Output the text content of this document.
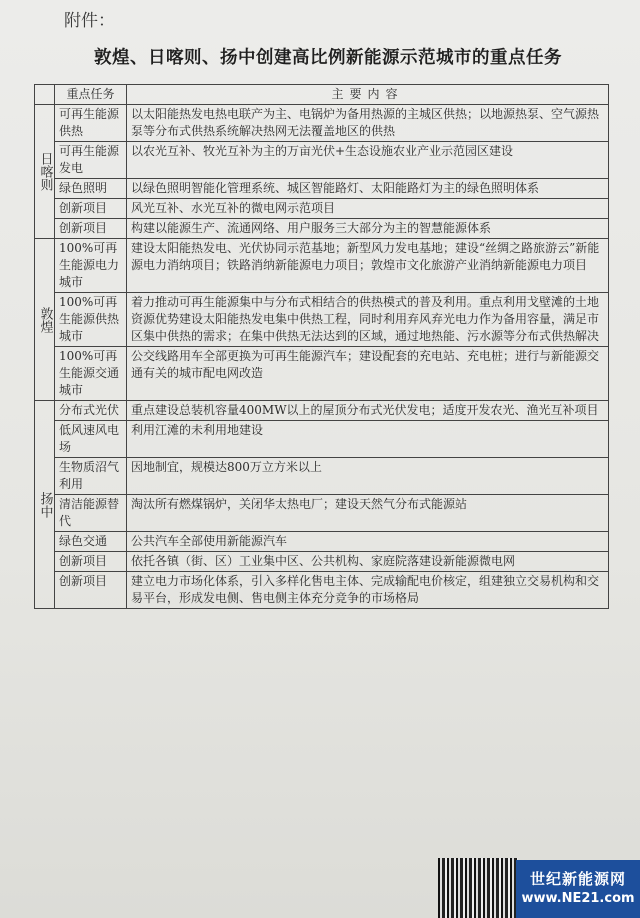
附件：
敦煌、日喀则、扬中创建高比例新能源示范城市的重点任务
	重点任务	主要内容
日喀则	可再生能源供热	以太阳能热发电热电联产为主、电锅炉为备用热源的主城区供热；以地源热泵、空气源热泵等分布式供热系统解决热网无法覆盖地区的供热
	可再生能源发电	以农光互补、牧光互补为主的万亩光伏+生态设施农业产业示范园区建设
	绿色照明	以绿色照明智能化管理系统、城区智能路灯、太阳能路灯为主的绿色照明体系
	创新项目	风光互补、水光互补的微电网示范项目
	创新项目	构建以能源生产、流通网络、用户服务三大部分为主的智慧能源体系
敦煌	100%可再生能源电力城市	建设太阳能热发电、光伏协同示范基地；新型风力发电基地；建设“丝绸之路旅游云”新能源电力消纳项目；铁路消纳新能源电力项目；敦煌市文化旅游产业消纳新能源电力项目
	100%可再生能源供热城市	着力推动可再生能源集中与分布式相结合的供热模式的普及利用。重点利用戈壁滩的土地资源优势建设太阳能热发电集中供热工程，同时利用弃风弃光电力作为备用容量，满足市区集中供热的需求；在集中供热无法达到的区域，通过地热能、污水源等分布式供热解决
	100%可再生能源交通城市	公交线路用车全部更换为可再生能源汽车；建设配套的充电站、充电桩；进行与新能源交通有关的城市配电网改造
扬中	分布式光伏	重点建设总装机容量400MW以上的屋顶分布式光伏发电；适度开发农光、渔光互补项目
	低风速风电场	利用江滩的未利用地建设
	生物质沼气利用	因地制宜，规模达800万立方米以上
	清洁能源替代	淘汰所有燃煤锅炉，关闭华太热电厂；建设天然气分布式能源站
	绿色交通	公共汽车全部使用新能源汽车
	创新项目	依托各镇（街、区）工业集中区、公共机构、家庭院落建设新能源微电网
	创新项目	建立电力市场化体系，引入多样化售电主体、完成输配电价核定，组建独立交易机构和交易平台，形成发电侧、售电侧主体充分竞争的市场格局
世纪新能源网
www.NE21.com
